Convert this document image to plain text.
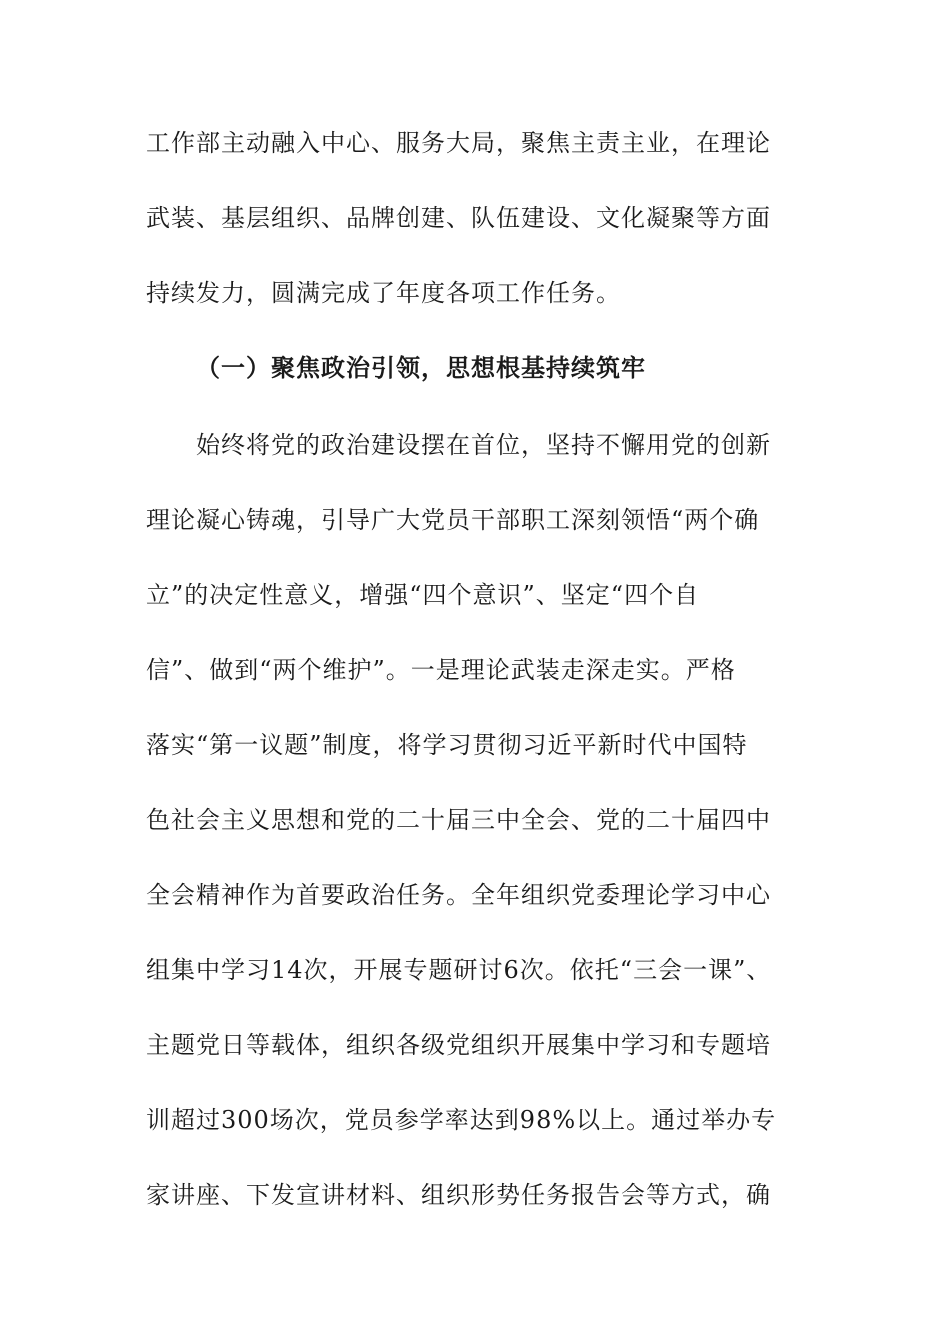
工作部主动融入中心、服务大局，聚焦主责主业，在理论
武装、基层组织、品牌创建、队伍建设、文化凝聚等方面
持续发力，圆满完成了年度各项工作任务。
（一）聚焦政治引领，思想根基持续筑牢
始终将党的政治建设摆在首位，坚持不懈用党的创新
理论凝心铸魂，引导广大党员干部职工深刻领悟“两个确
立”的决定性意义，增强“四个意识”、坚定“四个自
信”、做到“两个维护”。一是理论武装走深走实。严格
落实“第一议题”制度，将学习贯彻习近平新时代中国特
色社会主义思想和党的二十届三中全会、党的二十届四中
全会精神作为首要政治任务。全年组织党委理论学习中心
组集中学习14次，开展专题研讨6次。依托“三会一课”、
主题党日等载体，组织各级党组织开展集中学习和专题培
训超过300场次，党员参学率达到98%以上。通过举办专
家讲座、下发宣讲材料、组织形势任务报告会等方式，确
